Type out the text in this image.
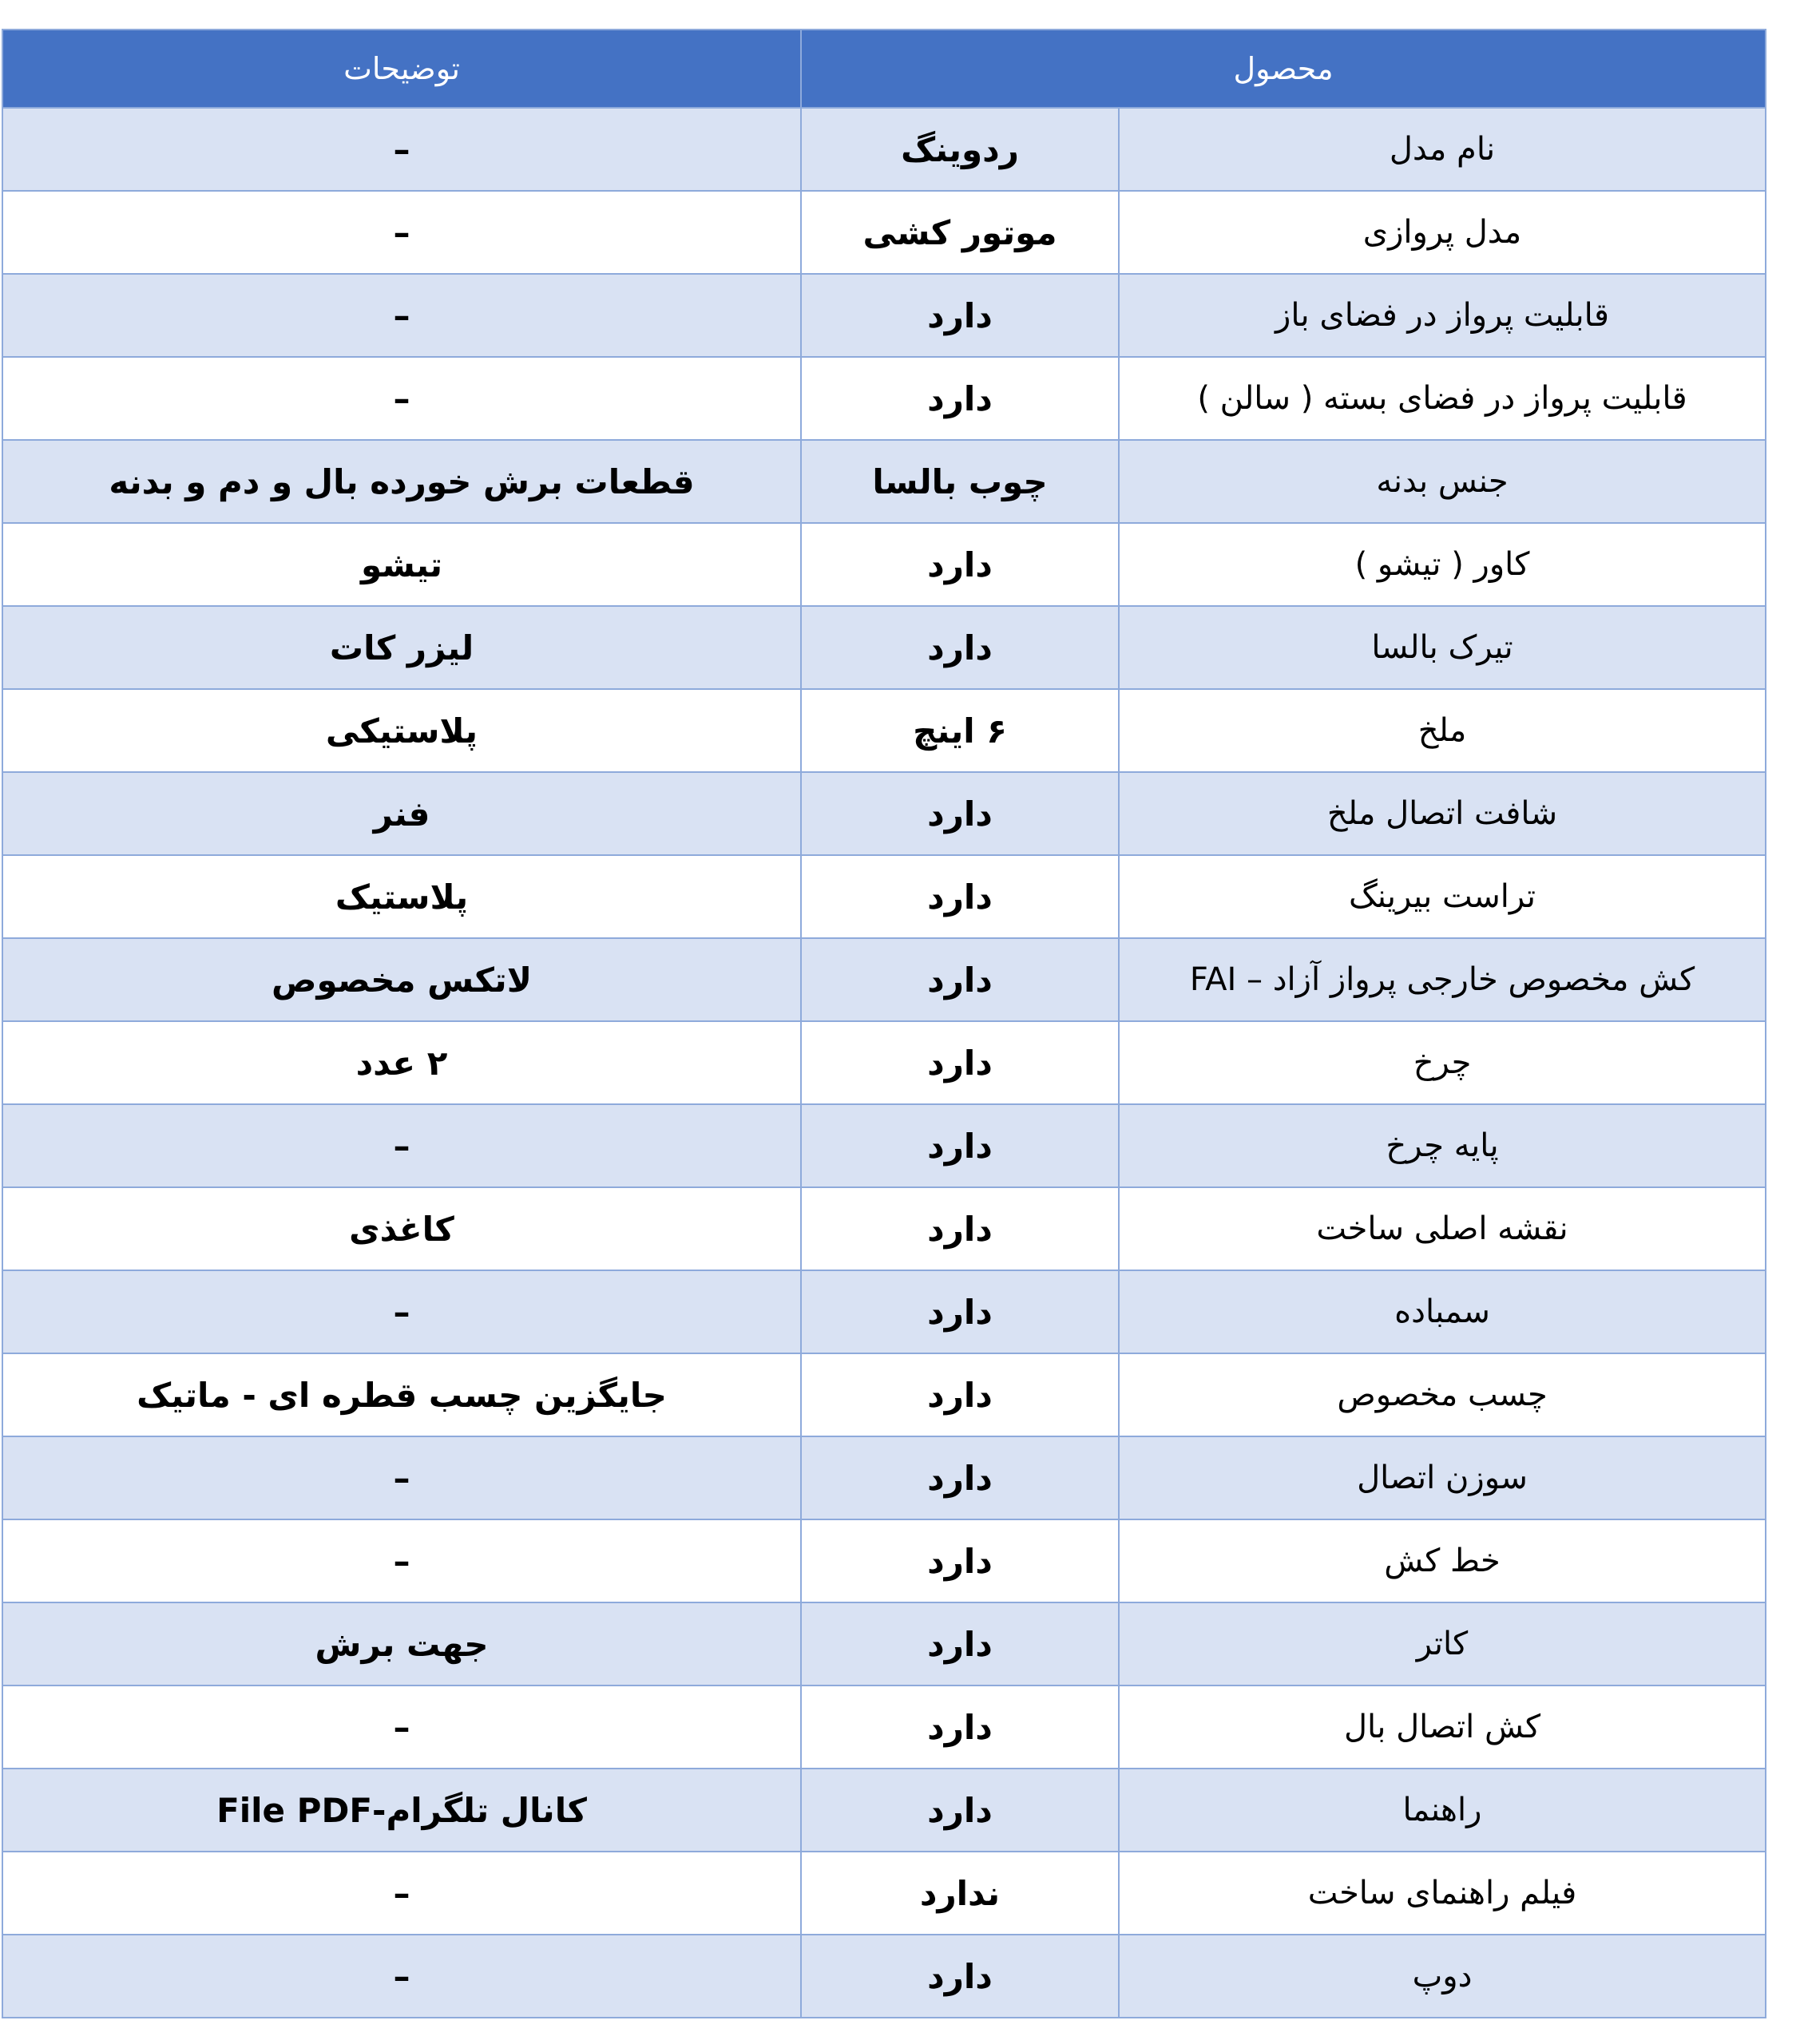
توضیحات	محصول	
–	ردوینگ	نام مدل
–	موتور کشی	مدل پروازی
–	دارد	قابلیت پرواز در فضای باز
–	دارد	قابلیت پرواز در فضای بسته ( سالن )
قطعات برش خورده بال و دم و بدنه	چوب بالسا	جنس بدنه
تیشو	دارد	کاور ( تیشو )
لیزر کات	دارد	تیرک بالسا
پلاستیکی	۶ اینچ	ملخ
فنر	دارد	شافت اتصال ملخ
پلاستیک	دارد	تراست بیرینگ
لاتکس مخصوص	دارد	کش مخصوص خارجی پرواز آزاد – FAI
۲ عدد	دارد	چرخ
–	دارد	پایه چرخ
کاغذی	دارد	نقشه اصلی ساخت
–	دارد	سمباده
جایگزین چسب قطره ای - ماتیک	دارد	چسب مخصوص
–	دارد	سوزن اتصال
–	دارد	خط کش
جهت برش	دارد	کاتر
–	دارد	کش اتصال بال
کانال تلگرام-File PDF	دارد	راهنما
–	ندارد	فیلم راهنمای ساخت
–	دارد	دوپ
